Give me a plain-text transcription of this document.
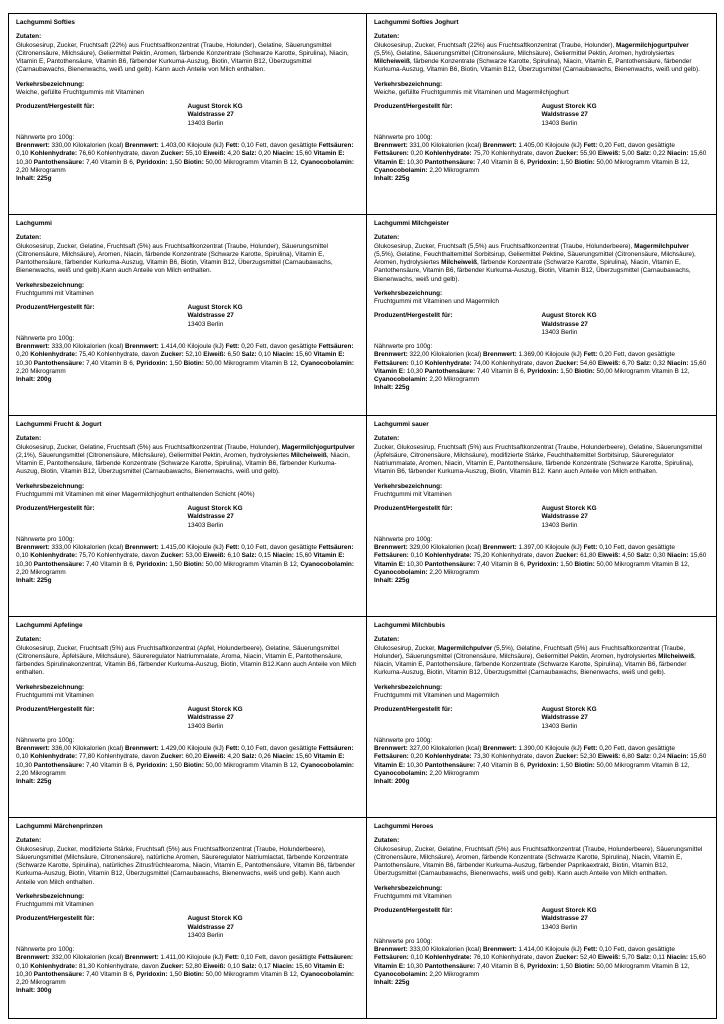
Lachgummi Softies

Zutaten:

Glukosesirup, Zucker, Fruchtsaft (22%) aus Fruchtsaftkonzentrat (Traube, Holunder), Gelatine, Säuerungsmittel (Citronensäure, Milchsäure), Geliermittel Pektin, Aromen, färbende Konzentrate (Schwarze Karotte, Spirulina), Niacin, Vitamin E, Pantothensäure, Vitamin B6, färbender Kurkuma-Auszug, Biotin, Vitamin B12, Überzugsmittel (Carnaubawachs, Bienenwachs, weiß und gelb). Kann auch Anteile von Milch enthalten.

Verkehrsbezeichnung:

Weiche, gefüllte Fruchtgummis mit Vitaminen

Produzent/Hergestellt für:	August Storck KG

Waldstrasse 27

13403 Berlin

Nährwerte pro 100g:

Brennwert: 330,00 Kilokalorien (kcal) Brennwert: 1.403,00 Kilojoule (kJ) Fett: 0,10 Fett, davon gesättigte Fettsäuren: 0,10 Kohlenhydrate: 76,60 Kohlenhydrate, davon Zucker: 55,10 Eiweiß: 4,20 Salz: 0,20 Niacin: 15,60 Vitamin E: 10,30 Pantothensäure: 7,40 Vitamin B 6, Pyridoxin: 1,50 Biotin: 50,00 Mikrogramm Vitamin B 12, Cyanocobolamin: 2,20 Mikrogramm

Inhalt: 225g

Lachgummi Softies Joghurt

Zutaten:

Glukosesirup, Zucker, Fruchtsaft (22%) aus Fruchtsaftkonzentrat (Traube, Holunder), Magermilchjogurtpulver (5,5%), Gelatine, Säuerungsmittel (Citronensäure, Milchsäure), Geliermittel Pektin, Aromen, hydrolysiertes Milcheiweiß, färbende Konzentrate (Schwarze Karotte, Spirulina), Niacin, Vitamin E, Pantothensäure, färbender Kurkuma-Auszug, Vitamin B6, Biotin, Vitamin B12, Überzugsmittel (Carnaubawachs, Bienenwachs, weiß und gelb).

Verkehrsbezeichnung:

Weiche, gefüllte Fruchtgummis mit Vitaminen und Magermilchjoghurt

Produzent/Hergestellt für:	August Storck KG

Waldstrasse 27

13403 Berlin

Nährwerte pro 100g:

Brennwert: 331,00 Kilokalorien (kcal) Brennwert: 1.405,00 Kilojoule (kJ) Fett: 0,20 Fett, davon gesättigte Fettsäuren: 0,20 Kohlenhydrate: 75,70 Kohlenhydrate, davon Zucker: 55,90 Eiweiß: 5,00 Salz: 0,22 Niacin: 15,60 Vitamin E: 10,30 Pantothensäure: 7,40 Vitamin B 6, Pyridoxin: 1,50 Biotin: 50,00 Mikrogramm Vitamin B 12, Cyanocobolamin: 2,20 Mikrogramm

Inhalt: 225g

Lachgummi

Zutaten:

Glukosesirup, Zucker, Gelatine, Fruchtsaft (5%) aus Fruchtsaftkonzentrat (Traube, Holunder), Säuerungsmittel (Citronensäure, Milchsäure), Aromen, Niacin, färbende Konzentrate (Schwarze Karotte, Spirulina), Vitamin E, Pantothensäure, färbender Kurkuma-Auszug, Vitamin B6, Biotin, Vitamin B12, Überzugsmittel (Carnaubawachs, Bienenwachs, weiß und gelb).Kann auch Anteile von Milch enthalten.

Verkehrsbezeichnung:

Fruchtgummi mit Vitaminen

Produzent/Hergestellt für:	August Storck KG

Waldstrasse 27

13403 Berlin

Nährwerte pro 100g:

Brennwert: 333,00 Kilokalorien (kcal) Brennwert: 1.414,00 Kilojoule (kJ) Fett: 0,20 Fett, davon gesättigte Fettsäuren: 0,20 Kohlenhydrate: 75,40 Kohlenhydrate, davon Zucker: 52,10 Eiweiß: 6,50 Salz: 0,10 Niacin: 15,60 Vitamin E: 10,30 Pantothensäure: 7,40 Vitamin B 6, Pyridoxin: 1,50 Biotin: 50,00 Mikrogramm Vitamin B 12, Cyanocobolamin: 2,20 Mikrogramm

Inhalt: 200g

Lachgummi Milchgeister

Zutaten:

Glukosesirup, Zucker, Fruchtsaft (5,5%) aus Fruchtsaftkonzentrat (Traube, Holunderbeere), Magermilchpulver (5,5%), Gelatine, Feuchthaltemittel Sorbitsirup, Geliermittel Pektine, Säuerungsmittel (Citronensäure, Milchsäure), Aromen, hydrolysiertes Milcheiweiß, färbende Konzentrate (Schwarze Karotte, Spirulina), Niacin, Vitamin E, Pantothensäure, Vitamin B6, färbender Kurkuma-Auszug, Biotin, Vitamin B12, Überzugsmittel (Carnaubawachs, Bienenwachs, weiß und gelb).

Verkehrsbezeichnung:

Fruchtgummi mit Vitaminen und Magermilch

Produzent/Hergestellt für:	August Storck KG

Waldstrasse 27

13403 Berlin

Nährwerte pro 100g:

Brennwert: 322,00 Kilokalorien (kcal) Brennwert: 1.369,00 Kilojoule (kJ) Fett: 0,20 Fett, davon gesättigte Fettsäuren: 0,10 Kohlenhydrate: 74,00 Kohlenhydrate, davon Zucker: 54,60 Eiweiß: 6,70 Salz: 0,32 Niacin: 15,60 Vitamin E: 10,30 Pantothensäure: 7,40 Vitamin B 6, Pyridoxin: 1,50 Biotin: 50,00 Mikrogramm Vitamin B 12, Cyanocobolamin: 2,20 Mikrogramm

Inhalt: 225g

Lachgummi Frucht & Jogurt

Zutaten:

Glukosesirup, Zucker, Gelatine, Fruchtsaft (5%) aus Fruchtsaftkonzentrat (Traube, Holunder), Magermilchjogurtpulver (2,1%), Säuerungsmittel (Citronensäure, Milchsäure), Geliermittel Pektin, Aromen, hydrolysiertes Milcheiweiß, Niacin, Vitamin E, Pantothensäure, färbende Konzentrate (Schwarze Karotte, Spirulina), Vitamin B6, färbender Kurkuma-Auszug, Biotin, Vitamin B12, Überzugsmittel (Carnaubawachs, Bienenwachs, weiß und gelb).

Verkehrsbezeichnung:

Fruchtgummi mit Vitaminen mit einer Magermilchjoghurt enthaltenden Schicht (40%)

Produzent/Hergestellt für:	August Storck KG

Waldstrasse 27

13403 Berlin

Nährwerte pro 100g:

Brennwert: 333,00 Kilokalorien (kcal) Brennwert: 1.415,00 Kilojoule (kJ) Fett: 0,10 Fett, davon gesättigte Fettsäuren: 0,10 Kohlenhydrate: 75,70 Kohlenhydrate, davon Zucker: 53,00 Eiweiß: 6,10 Salz: 0,15 Niacin: 15,60 Vitamin E: 10,30 Pantothensäure: 7,40 Vitamin B 6, Pyridoxin: 1,50 Biotin: 50,00 Mikrogramm Vitamin B 12, Cyanocobolamin: 2,20 Mikrogramm

Inhalt: 225g

Lachgummi sauer

Zutaten:

Zucker, Glukosesirup, Fruchtsaft (5%) aus Fruchtsaftkonzentrat (Traube, Holunderbeere), Gelatine, Säuerungsmittel (Äpfelsäure, Citronensäure, Milchsäure), modifizierte Stärke, Feuchthaltemittel Sorbitsirup, Säureregulator Natriummalate, Aromen, Niacin, Vitamin E, Pantothensäure, färbende Konzentrate (Schwarze Karotte, Spirulina), Vitamin B6, färbender Kurkuma-Auszug, Biotin, Vitamin B12. Kann auch Anteile von Milch enthalten.

Verkehrsbezeichnung:

Fruchtgummi mit Vitaminen

Produzent/Hergestellt für:	August Storck KG

Waldstrasse 27

13403 Berlin

Nährwerte pro 100g:

Brennwert: 329,00 Kilokalorien (kcal) Brennwert: 1.397,00 Kilojoule (kJ) Fett: 0,10 Fett, davon gesättigte Fettsäuren: 0,10 Kohlenhydrate: 75,20 Kohlenhydrate, davon Zucker: 61,80 Eiweiß: 4,50 Salz: 0,30 Niacin: 15,60 Vitamin E: 10,30 Pantothensäure: 7,40 Vitamin B 6, Pyridoxin: 1,50 Biotin: 50,00 Mikrogramm Vitamin B 12, Cyanocobolamin: 2,20 Mikrogramm

Inhalt: 225g

Lachgummi Apfelinge

Zutaten:

Glukosesirup, Zucker, Fruchtsaft (5%) aus Fruchtsaftkonzentrat (Apfel, Holunderbeere), Gelatine, Säuerungsmittel (Citronensäure, Äpfelsäure, Milchsäure), Säureregulator Natriummalate, Aroma, Niacin, Vitamin E, Pantothensäure, färbendes Spirulinakonzentrat, Vitamin B6, färbender Kurkuma-Auszug, Biotin, Vitamin B12.Kann auch Anteile von Milch enthalten.

Verkehrsbezeichnung:

Fruchtgummi mit Vitaminen

Produzent/Hergestellt für:	August Storck KG

Waldstrasse 27

13403 Berlin

Nährwerte pro 100g:

Brennwert: 336,00 Kilokalorien (kcal) Brennwert: 1.429,00 Kilojoule (kJ) Fett: 0,10 Fett, davon gesättigte Fettsäuren: 0,10 Kohlenhydrate: 77,80 Kohlenhydrate, davon Zucker: 60,20 Eiweiß: 4,20 Salz: 0,26 Niacin: 15,60 Vitamin E: 10,30 Pantothensäure: 7,40 Vitamin B 6, Pyridoxin: 1,50 Biotin: 50,00 Mikrogramm Vitamin B 12, Cyanocobolamin: 2,20 Mikrogramm

Inhalt: 225g

Lachgummi Milchbubis

Zutaten:

Glukosesirup, Zucker, Magermilchpulver (5,5%), Gelatine, Fruchtsaft (5%) aus Fruchtsaftkonzentrat (Traube, Holunder), Säuerungsmittel (Citronensäure, Milchsäure), Geliermittel Pektin, Aromen, hydrolysiertes Milcheiweiß, Niacin, Vitamin E, Pantothensäure, färbende Konzentrate (Schwarze Karotte, Spirulina), Vitamin B6, färbender Kurkuma-Auszug, Biotin, Vitamin B12, Überzugsmittel (Carnaubawachs, Bienenwachs, weiß und gelb).

Verkehrsbezeichnung:

Fruchtgummi mit Vitaminen und Magermilch

Produzent/Hergestellt für:	August Storck KG

Waldstrasse 27

13403 Berlin

Nährwerte pro 100g:

Brennwert: 327,00 Kilokalorien (kcal) Brennwert: 1.390,00 Kilojoule (kJ) Fett: 0,20 Fett, davon gesättigte Fettsäuren: 0,20 Kohlenhydrate: 73,30 Kohlenhydrate, davon Zucker: 52,30 Eiweiß: 6,80 Salz: 0,24 Niacin: 15,60 Vitamin E: 10,30 Pantothensäure: 7,40 Vitamin B 6, Pyridoxin: 1,50 Biotin: 50,00 Mikrogramm Vitamin B 12, Cyanocobolamin: 2,20 Mikrogramm

Inhalt: 200g

Lachgummi Märchenprinzen

Zutaten:

Glukosesirup, Zucker, modifizierte Stärke, Fruchtsaft (5%) aus Fruchtsaftkonzentrat (Traube, Holunderbeere), Säuerungsmittel (Milchsäure, Citronensäure), natürliche Aromen, Säureregulator Natriumlactat, färbende Konzentrate (Schwarze Karotte, Spirulina), natürliches Zitrusfrüchtearoma, Niacin, Vitamin E, Pantothensäure, Vitamin B6, färbender Kurkuma-Auszug, Biotin, Vitamin B12, Überzugsmittel (Carnaubawachs, Bienenwachs, weiß und gelb). Kann auch Anteile von Milch enthalten.

Verkehrsbezeichnung:

Fruchtgummi mit Vitaminen

Produzent/Hergestellt für:	August Storck KG

Waldstrasse 27

13403 Berlin

Nährwerte pro 100g:

Brennwert: 332,00 Kilokalorien (kcal) Brennwert: 1.411,00 Kilojoule (kJ) Fett: 0,10 Fett, davon gesättigte Fettsäuren: 0,10 Kohlenhydrate: 81,30 Kohlenhydrate, davon Zucker: 52,80 Eiweiß: 0,10 Salz: 0,17 Niacin: 15,60 Vitamin E: 10,30 Pantothensäure: 7,40 Vitamin B 6, Pyridoxin: 1,50 Biotin: 50,00 Mikrogramm Vitamin B 12, Cyanocobolamin: 2,20 Mikrogramm

Inhalt: 300g

Lachgummi Heroes

Zutaten:

Glukosesirup, Zucker, Gelatine, Fruchtsaft (5%) aus Fruchtsaftkonzentrat (Traube, Holunderbeere), Säuerungsmittel (Citronensäure, Milchsäure), Aromen, färbende Konzentrate (Schwarze Karotte, Spirulina), Niacin, Vitamin E, Pantothensäure, Vitamin B6, färbender Kurkuma-Auszug, färbender Paprikaextrakt, Biotin, Vitamin B12, Überzugsmittel (Carnaubawachs, Bienenwachs, weiß und gelb). Kann auch Anteile von Milch enthalten.

Verkehrsbezeichnung:

Fruchtgummi mit Vitaminen

Produzent/Hergestellt für:	August Storck KG

Waldstrasse 27

13403 Berlin

Nährwerte pro 100g:

Brennwert: 333,00 Kilokalorien (kcal) Brennwert: 1.414,00 Kilojoule (kJ) Fett: 0,10 Fett, davon gesättigte Fettsäuren: 0,10 Kohlenhydrate: 76,10 Kohlenhydrate, davon Zucker: 52,40 Eiweiß: 5,70 Salz: 0,11 Niacin: 15,60 Vitamin E: 10,30 Pantothensäure: 7,40 Vitamin B 6, Pyridoxin: 1,50 Biotin: 50,00 Mikrogramm Vitamin B 12, Cyanocobolamin: 2,20 Mikrogramm

Inhalt: 225g
